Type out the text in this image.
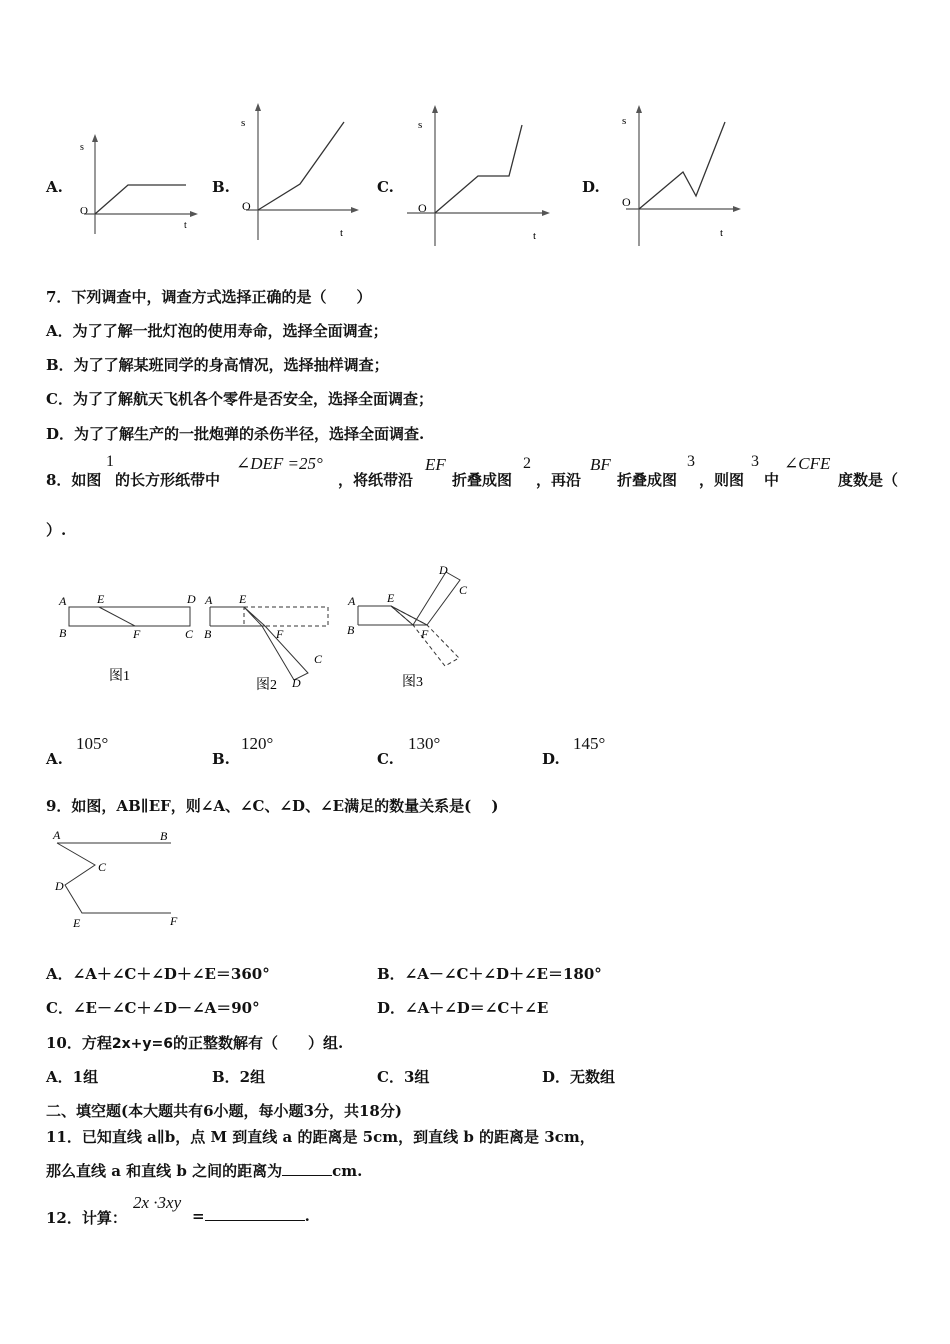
A.	B.	C.	D.
O
s
t
O
s
t
O
s
t
O
s
t
7．下列调查中，调查方式选择正确的是（　　）
A．为了了解一批灯泡的使用寿命，选择全面调查；
B．为了了解某班同学的身高情况，选择抽样调查；
C．为了了解航天飞机各个零件是否安全，选择全面调查；
D．为了了解生产的一批炮弹的杀伤半径，选择全面调查.
8．如图
1
的长方形纸带中
∠DEF =25°
，将纸带沿
EF
折叠成图
2
，再沿
BF
折叠成图
3
，则图
3
中
∠CFE
度数是（
）.
A
B
E
F
D
C
图1
A
B
E
F
C
D
图2
A
B
E
F
D
C
图3
A.
105°
B.
120°
C.
130°
D.
145°
9．如图，AB∥EF，则∠A、∠C、∠D、∠E满足的数量关系是(　 )
A	B
C
D
E	F
A．∠A＋∠C＋∠D＋∠E＝360°	B．∠A－∠C＋∠D＋∠E＝180°
C．∠E－∠C＋∠D－∠A＝90°	D．∠A＋∠D＝∠C＋∠E
10．方程2x+y=6的正整数解有（　　）组.
A．1组	B．2组	C．3组	D．无数组
二、填空题(本大题共有6小题，每小题3分，共18分)
11．已知直线 a∥b，点 M 到直线 a 的距离是 5cm，到直线 b 的距离是 3cm，
那么直线 a 和直线 b 之间的距离为	cm.
12．计算：
2x ·3xy
=	.
